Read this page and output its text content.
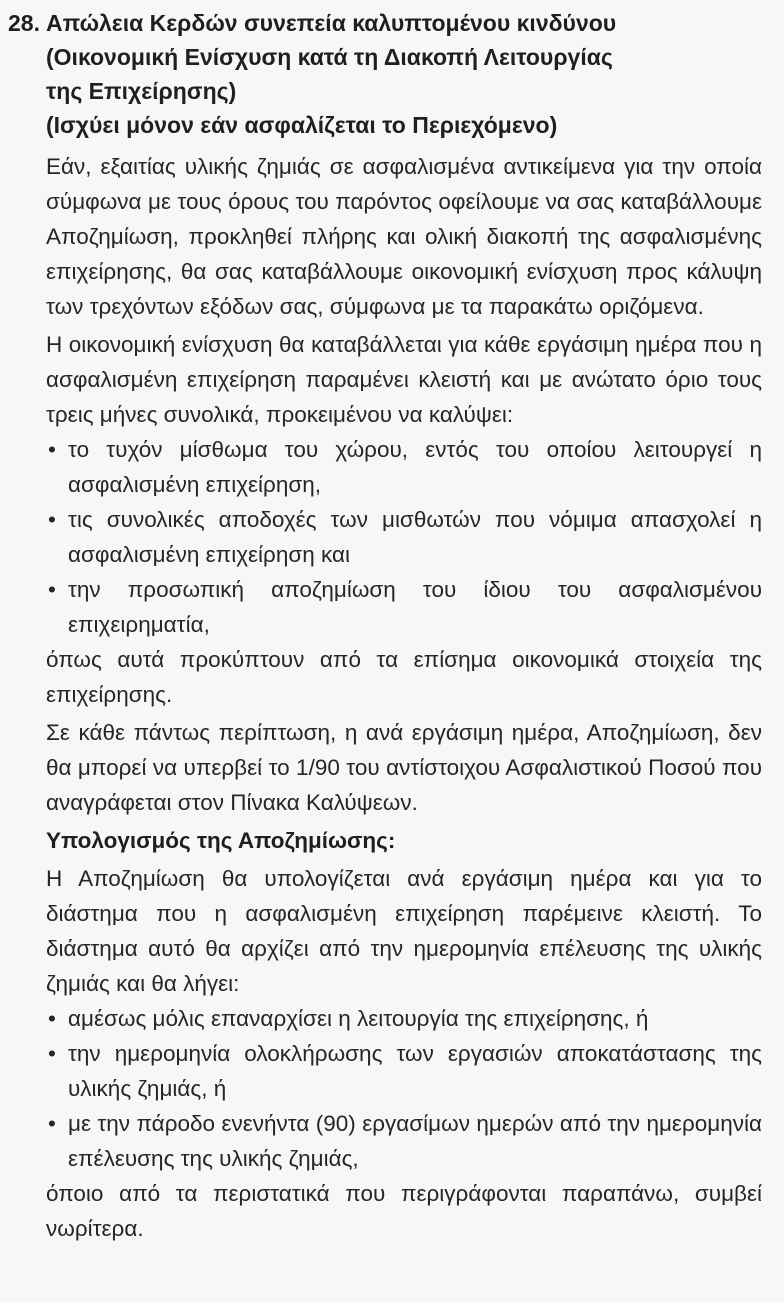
28. Απώλεια Κερδών συνεπεία καλυπτομένου κινδύνου
(Οικονομική Ενίσχυση κατά τη Διακοπή Λειτουργίας
της Επιχείρησης)
(Ισχύει μόνον εάν ασφαλίζεται το Περιεχόμενο)

Εάν, εξαιτίας υλικής ζημιάς σε ασφαλισμένα αντικείμενα για την οποία σύμφωνα με τους όρους του παρόντος οφείλουμε να σας καταβάλλουμε Αποζημίωση, προκληθεί πλήρης και ολική διακοπή της ασφαλισμένης επιχείρησης, θα σας καταβάλλουμε οικονομική ενίσχυση προς κάλυψη των τρεχόντων εξόδων σας, σύμφωνα με τα παρακάτω οριζόμενα.

Η οικονομική ενίσχυση θα καταβάλλεται για κάθε εργάσιμη ημέρα που η ασφαλισμένη επιχείρηση παραμένει κλειστή και με ανώτατο όριο τους τρεις μήνες συνολικά, προκειμένου να καλύψει:

• το τυχόν μίσθωμα του χώρου, εντός του οποίου λειτουργεί η ασφαλισμένη επιχείρηση,
• τις συνολικές αποδοχές των μισθωτών που νόμιμα απασχολεί η ασφαλισμένη επιχείρηση και
• την προσωπική αποζημίωση του ίδιου του ασφαλισμένου επιχειρηματία,

όπως αυτά προκύπτουν από τα επίσημα οικονομικά στοιχεία της επιχείρησης.

Σε κάθε πάντως περίπτωση, η ανά εργάσιμη ημέρα, Αποζημίωση, δεν θα μπορεί να υπερβεί το 1/90 του αντίστοιχου Ασφαλιστικού Ποσού που αναγράφεται στον Πίνακα Καλύψεων.

Υπολογισμός της Αποζημίωσης:

Η Αποζημίωση θα υπολογίζεται ανά εργάσιμη ημέρα και για το διάστημα που η ασφαλισμένη επιχείρηση παρέμεινε κλειστή. Το διάστημα αυτό θα αρχίζει από την ημερομηνία επέλευσης της υλικής ζημιάς και θα λήγει:

• αμέσως μόλις επαναρχίσει η λειτουργία της επιχείρησης, ή
• την ημερομηνία ολοκλήρωσης των εργασιών αποκατάστασης της υλικής ζημιάς, ή
• με την πάροδο ενενήντα (90) εργασίμων ημερών από την ημερομηνία επέλευσης της υλικής ζημιάς,

όποιο από τα περιστατικά που περιγράφονται παραπάνω, συμβεί νωρίτερα.
